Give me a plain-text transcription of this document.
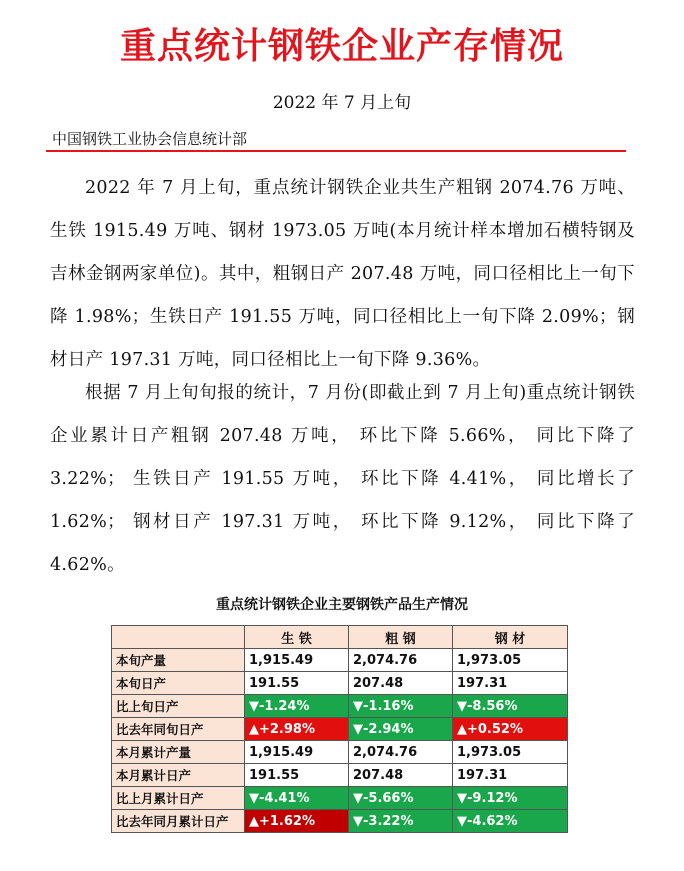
重点统计钢铁企业产存情况
2022 年 7 月上旬
中国钢铁工业协会信息统计部

2022 年 7 月上旬，重点统计钢铁企业共生产粗钢 2074.76 万吨、生铁 1915.49 万吨、钢材 1973.05 万吨(本月统计样本增加石横特钢及吉林金钢两家单位)。其中，粗钢日产 207.48 万吨，同口径相比上一旬下降 1.98%；生铁日产 191.55 万吨，同口径相比上一旬下降 2.09%；钢材日产 197.31 万吨，同口径相比上一旬下降 9.36%。

根据 7 月上旬旬报的统计，7 月份(即截止到 7 月上旬)重点统计钢铁企业累计日产粗钢 207.48 万吨， 环比下降 5.66%， 同比下降了 3.22%； 生铁日产 191.55 万吨， 环比下降 4.41%， 同比增长了 1.62%； 钢材日产 197.31 万吨， 环比下降 9.12%， 同比下降了 4.62%。

重点统计钢铁企业主要钢铁产品生产情况
	生 铁	粗 钢	钢 材
本旬产量	1,915.49	2,074.76	1,973.05
本旬日产	191.55	207.48	197.31
比上旬日产	▼-1.24%	▼-1.16%	▼-8.56%
比去年同旬日产	▲+2.98%	▼-2.94%	▲+0.52%
本月累计产量	1,915.49	2,074.76	1,973.05
本月累计日产	191.55	207.48	197.31
比上月累计日产	▼-4.41%	▼-5.66%	▼-9.12%
比去年同月累计日产	▲+1.62%	▼-3.22%	▼-4.62%
